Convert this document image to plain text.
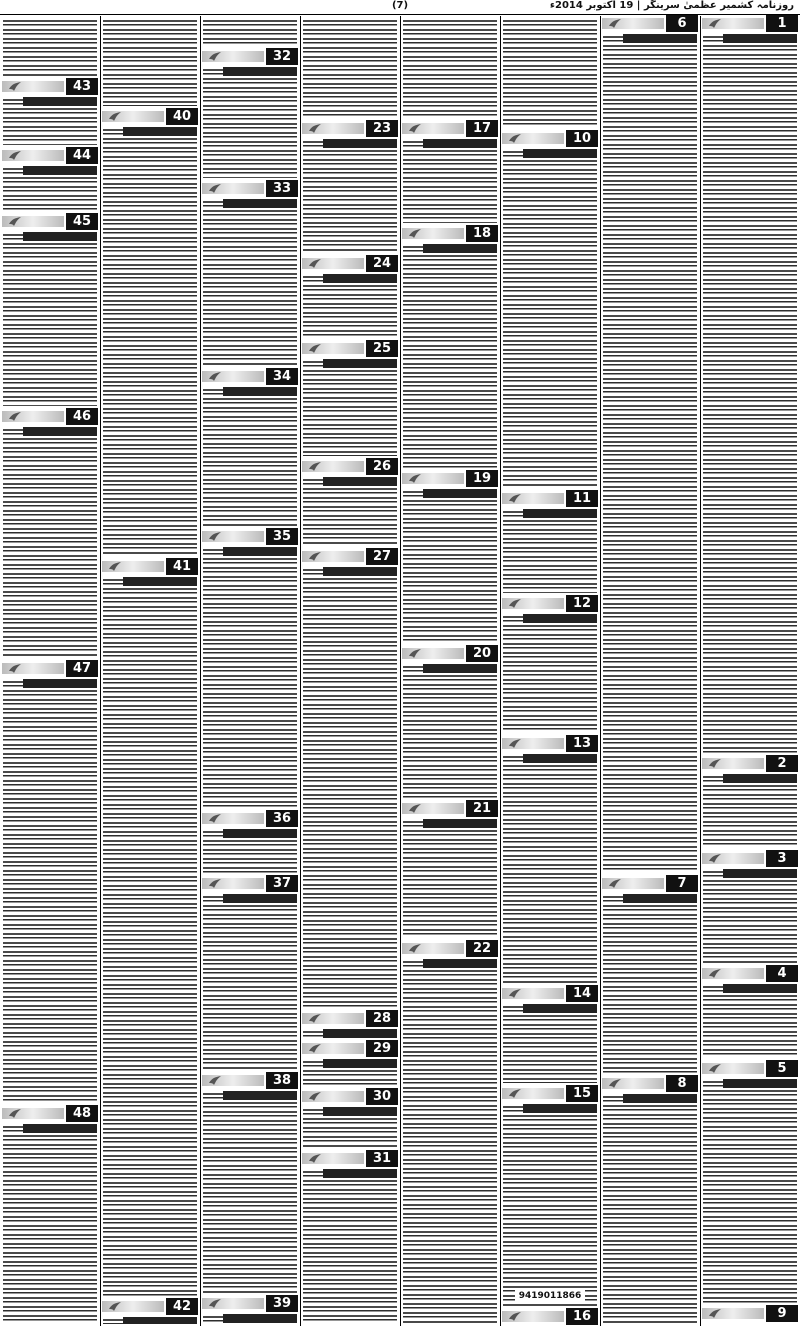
(7)	روزنامہ کشمیر عظمیٰ سرینگر | 19 اکتوبر 2014ء
1
2
3
4
5
9
6
7
8
10
11
12
13
14
15
16
17
18
19
20
21
22
23
24
25
26
27
28
29
30
31
32
33
34
35
36
37
38
39
40
41
42
43
44
45
46
47
48
9419011866
